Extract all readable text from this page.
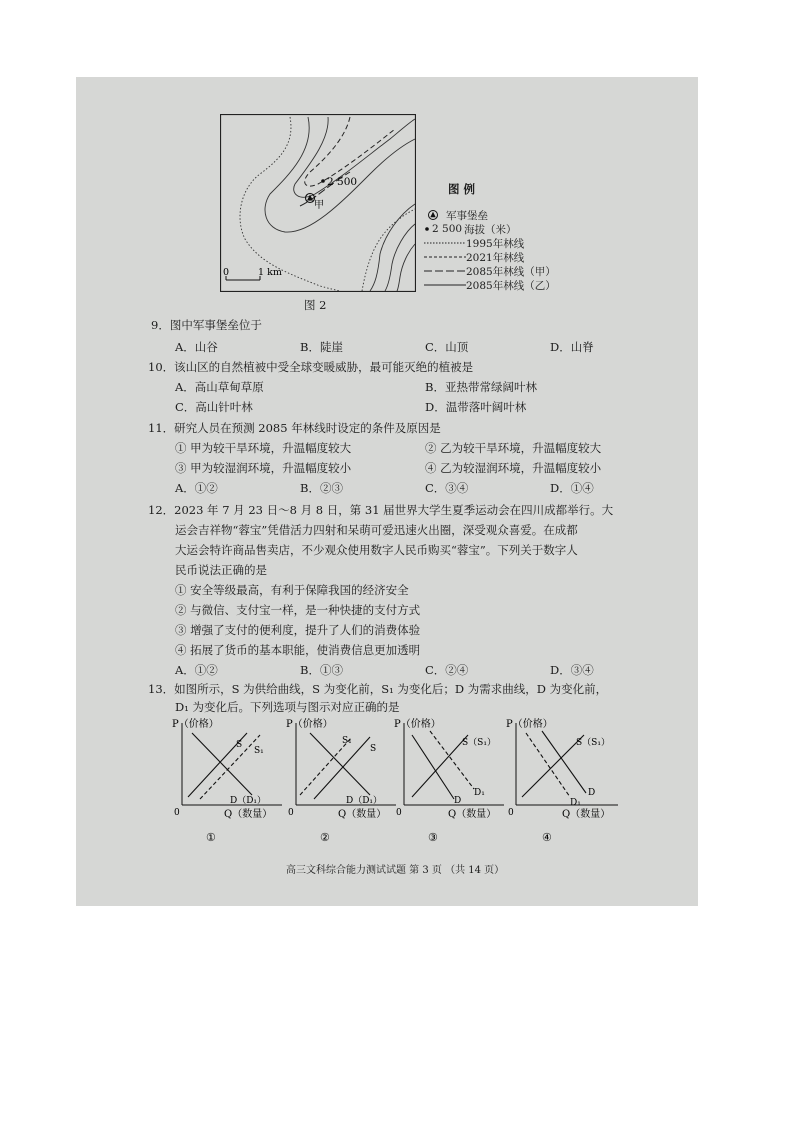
2 500
甲
0	1 km
图 例
军事堡垒
2 500 海拔（米）
1995年林线
2021年林线
2085年林线（甲）
2085年林线（乙）
图 2
9．图中军事堡垒位于
A．山谷	B．陡崖	C．山顶	D．山脊
10．该山区的自然植被中受全球变暖威胁，最可能灭绝的植被是
A．高山草甸草原	B．亚热带常绿阔叶林
C．高山针叶林	D．温带落叶阔叶林
11．研究人员在预测 2085 年林线时设定的条件及原因是
① 甲为较干旱环境，升温幅度较大	② 乙为较干旱环境，升温幅度较大
③ 甲为较湿润环境，升温幅度较小	④ 乙为较湿润环境，升温幅度较小
A．①②	B．②③	C．③④	D．①④
12．2023 年 7 月 23 日～8 月 8 日，第 31 届世界大学生夏季运动会在四川成都举行。大
运会吉祥物“蓉宝”凭借活力四射和呆萌可爱迅速火出圈，深受观众喜爱。在成都
大运会特许商品售卖店，不少观众使用数字人民币购买“蓉宝”。下列关于数字人
民币说法正确的是
① 安全等级最高，有利于保障我国的经济安全
② 与微信、支付宝一样，是一种快捷的支付方式
③ 增强了支付的便利度，提升了人们的消费体验
④ 拓展了货币的基本职能，使消费信息更加透明
A．①②	B．①③	C．②④	D．③④
13．如图所示，S 为供给曲线，S 为变化前，S₁ 为变化后；D 为需求曲线，D 为变化前，
D₁ 为变化后。下列选项与图示对应正确的是
P（价格）
0	Q（数量）
S
S₁
D（D₁）
①
P（价格）
0	Q（数量）
S₁
S
D（D₁）
②
P（价格）
0	Q（数量）
S（S₁）
D₁
D
③
P（价格）
0	Q（数量）
S（S₁）
D
D₁
④
高三文科综合能力测试试题 第 3 页 （共 14 页）
